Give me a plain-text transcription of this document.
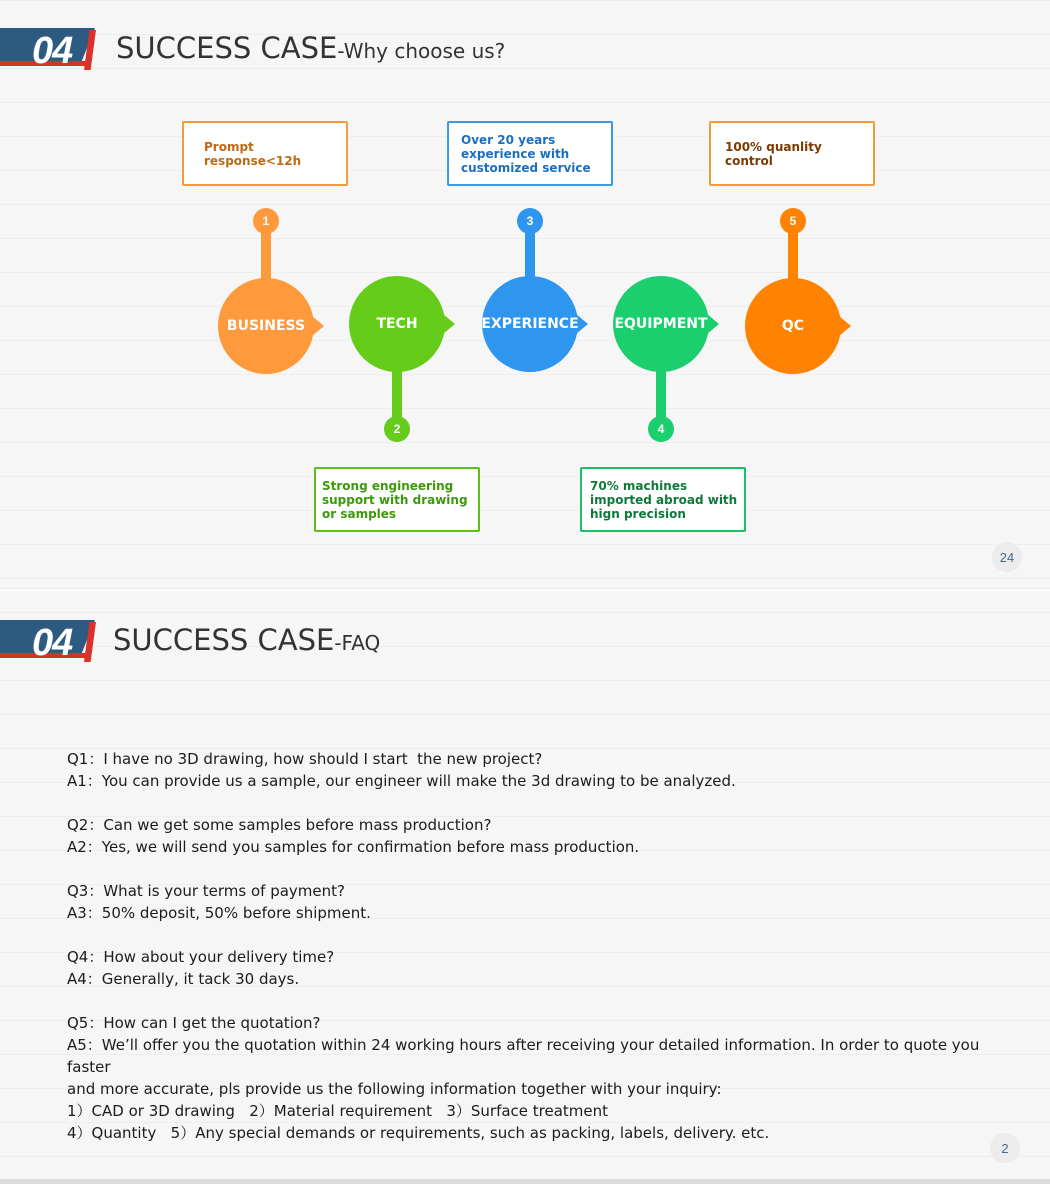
04 SUCCESS CASE-Why choose us?
Prompt response<12h
Over 20 years experience with customized service
100% quanlity control
1	3	5
BUSINESS	TECH	EXPERIENCE	EQUIPMENT	QC
2	4
Strong engineering support with drawing or samples
70% machines imported abroad with hign precision
24
04 SUCCESS CASE-FAQ
Q1：I have no 3D drawing, how should I start  the new project?
A1：You can provide us a sample, our engineer will make the 3d drawing to be analyzed.
Q2：Can we get some samples before mass production?
A2：Yes, we will send you samples for confirmation before mass production.
Q3：What is your terms of payment?
A3：50% deposit, 50% before shipment.
Q4：How about your delivery time?
A4：Generally, it tack 30 days.
Q5：How can I get the quotation?
A5：We’ll offer you the quotation within 24 working hours after receiving your detailed information. In order to quote you faster
and more accurate, pls provide us the following information together with your inquiry:
1）CAD or 3D drawing   2）Material requirement   3）Surface treatment
4）Quantity   5）Any special demands or requirements, such as packing, labels, delivery. etc.
2
